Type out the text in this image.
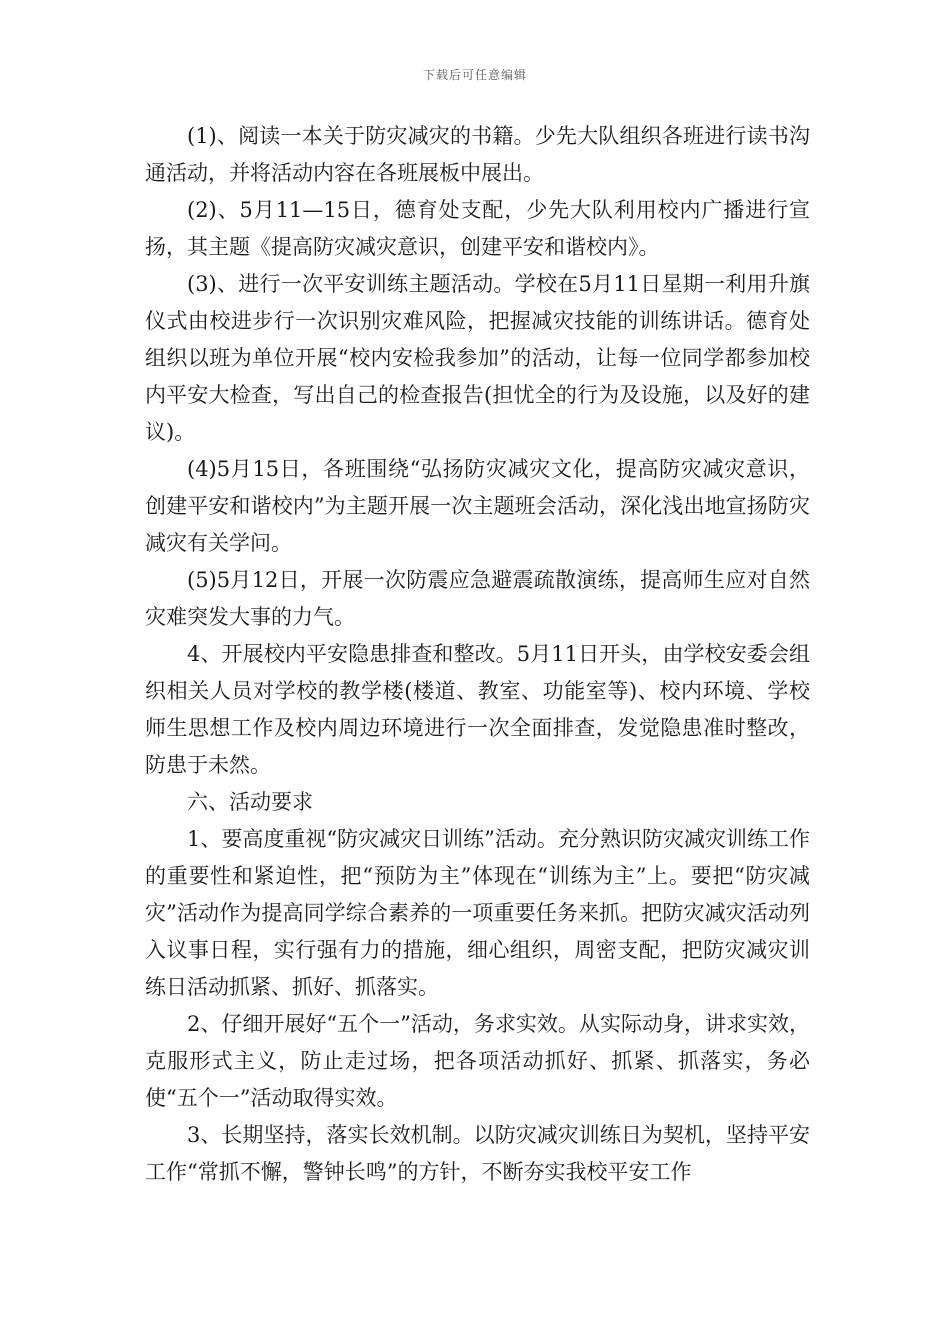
下载后可任意编辑

(1)、阅读一本关于防灾减灾的书籍。少先大队组织各班进行读书沟通活动，并将活动内容在各班展板中展出。

(2)、5月11—15日，德育处支配，少先大队利用校内广播进行宣扬，其主题《提高防灾减灾意识，创建平安和谐校内》。

(3)、进行一次平安训练主题活动。学校在5月11日星期一利用升旗仪式由校进步行一次识别灾难风险，把握减灾技能的训练讲话。德育处组织以班为单位开展“校内安检我参加”的活动，让每一位同学都参加校内平安大检查，写出自己的检查报告(担忧全的行为及设施，以及好的建议)。

(4)5月15日，各班围绕“弘扬防灾减灾文化，提高防灾减灾意识，创建平安和谐校内”为主题开展一次主题班会活动，深化浅出地宣扬防灾减灾有关学问。

(5)5月12日，开展一次防震应急避震疏散演练，提高师生应对自然灾难突发大事的力气。

4、开展校内平安隐患排查和整改。5月11日开头，由学校安委会组织相关人员对学校的教学楼(楼道、教室、功能室等)、校内环境、学校师生思想工作及校内周边环境进行一次全面排查，发觉隐患准时整改，防患于未然。

六、活动要求

1、要高度重视“防灾减灾日训练”活动。充分熟识防灾减灾训练工作的重要性和紧迫性，把“预防为主”体现在“训练为主”上。要把“防灾减灾”活动作为提高同学综合素养的一项重要任务来抓。把防灾减灾活动列入议事日程，实行强有力的措施，细心组织，周密支配，把防灾减灾训练日活动抓紧、抓好、抓落实。

2、仔细开展好“五个一”活动，务求实效。从实际动身，讲求实效，克服形式主义，防止走过场，把各项活动抓好、抓紧、抓落实，务必使“五个一”活动取得实效。

3、长期坚持，落实长效机制。以防灾减灾训练日为契机，坚持平安工作“常抓不懈，警钟长鸣”的方针，不断夯实我校平安工作
